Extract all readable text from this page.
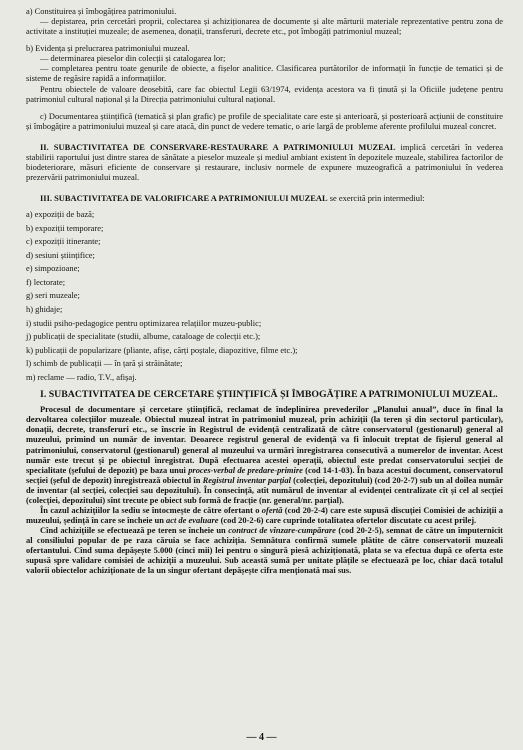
a) Constituirea și îmbogățirea patrimoniului.

— depistarea, prin cercetări proprii, colectarea și achiziționarea de documente și alte mărturii materiale reprezentative pentru zona de activitate a instituției muzeale; de asemenea, donații, transferuri, decrete etc., pot îmbogăți patrimoniul muzeal;

b) Evidența și prelucrarea patrimoniului muzeal.

— determinarea pieselor din colecții și catalogarea lor;

— completarea pentru toate genurile de obiecte, a fișelor analitice. Clasificarea purtătorilor de informații în funcție de tematici și de sisteme de regăsire rapidă a informațiilor.

Pentru obiectele de valoare deosebită, care fac obiectul Legii 63/1974, evidența acestora va fi ținută și la Oficiile județene pentru patrimoniul cultural național și la Direcția patrimoniului cultural național.

c) Documentarea științifică (tematică și plan grafic) pe profile de specialitate care este și anterioară, și posterioară acțiunii de constituire și îmbogățire a patrimoniului muzeal și care atacă, din punct de vedere tematic, o arie largă de probleme aferente profilului muzeal concret.

II. SUBACTIVITATEA DE CONSERVARE-RESTAURARE A PATRIMONIULUI MUZEAL implică cercetări în vederea stabilirii raportului just dintre starea de sănătate a pieselor muzeale și mediul ambiant existent în depozitele muzeale, stabilirea factorilor de biodeteriorare, măsuri eficiente de conservare și restaurare, inclusiv normele de expunere muzeografică a patrimoniului în vederea prezervării patrimoniului muzeal.

III. SUBACTIVITATEA DE VALORIFICARE A PATRIMONIULUI MUZEAL se exercită prin intermediul:

a) expoziții de bază;

b) expoziții temporare;

c) expoziții itinerante;

d) sesiuni științifice;

e) simpozioane;

f) lectorate;

g) seri muzeale;

h) ghidaje;

i) studii psiho-pedagogice pentru optimizarea relațiilor muzeu-public;

j) publicații de specialitate (studii, albume, cataloage de colecții etc.);

k) publicații de popularizare (pliante, afișe, cărți poștale, diapozitive, filme etc.);

l) schimb de publicații — în țară și străinătate;

m) reclame — radio, T.V., afișaj.

I. SUBACTIVITATEA DE CERCETARE ȘTIINȚIFICĂ ȘI ÎMBOGĂȚIRE A PATRIMONIULUI MUZEAL.

Procesul de documentare și cercetare științifică, reclamat de îndeplinirea prevederilor „Planului anual”, duce în final la dezvoltarea colecțiilor muzeale. Obiectul muzeal intrat în patrimoniul muzeal, prin achiziții (la teren și din sectorul particular), donații, decrete, transferuri etc., se înscrie în Registrul de evidență centralizată de către conservatorul (gestionarul) general al muzeului, primind un număr de inventar. Deoarece registrul general de evidență va fi înlocuit treptat de fișierul general al patrimoniului, conservatorul (gestionarul) general al muzeului va urmări înregistrarea consecutivă a numerelor de inventar. Acest număr este trecut și pe obiectul înregistrat. După efectuarea acestei operații, obiectul este predat conservatorului secției de specialitate (șefului de depozit) pe baza unui proces-verbal de predare-primire (cod 14-1-03). În baza acestui document, conservatorul secției (șeful de depozit) înregistrează obiectul în Registrul inventar parțial (colecției, depozitului) (cod 20-2-7) sub un al doilea număr de inventar (al secției, colecției sau depozitului). În consecință, atît numărul de inventar al evidenței centralizate cît și cel al secției (colecției, depozitului) sînt trecute pe obiect sub formă de fracție (nr. general/nr. parțial).

În cazul achizițiilor la sediu se întocmește de către ofertant o ofertă (cod 20-2-4) care este supusă discuției Comisiei de achiziții a muzeului, ședință în care se încheie un act de evaluare (cod 20-2-6) care cuprinde totalitatea ofertelor discutate cu acest prilej.

Cînd achizițiile se efectuează pe teren se încheie un contract de vînzare-cumpărare (cod 20-2-5), semnat de către un împuternicit al consiliului popular de pe raza căruia se face achiziția. Semnătura confirmă sumele plătite de către conservatorii muzeali ofertantului. Cînd suma depășește 5.000 (cinci mii) lei pentru o singură piesă achiziționată, plata se va efectua după ce oferta este supusă spre validare comisiei de achiziții a muzeului. Sub această sumă per unitate plățile se efectuează pe loc, chiar dacă totalul valorii obiectelor achiziționate de la un singur ofertant depășește cifra menționată mai sus.

— 4 —
